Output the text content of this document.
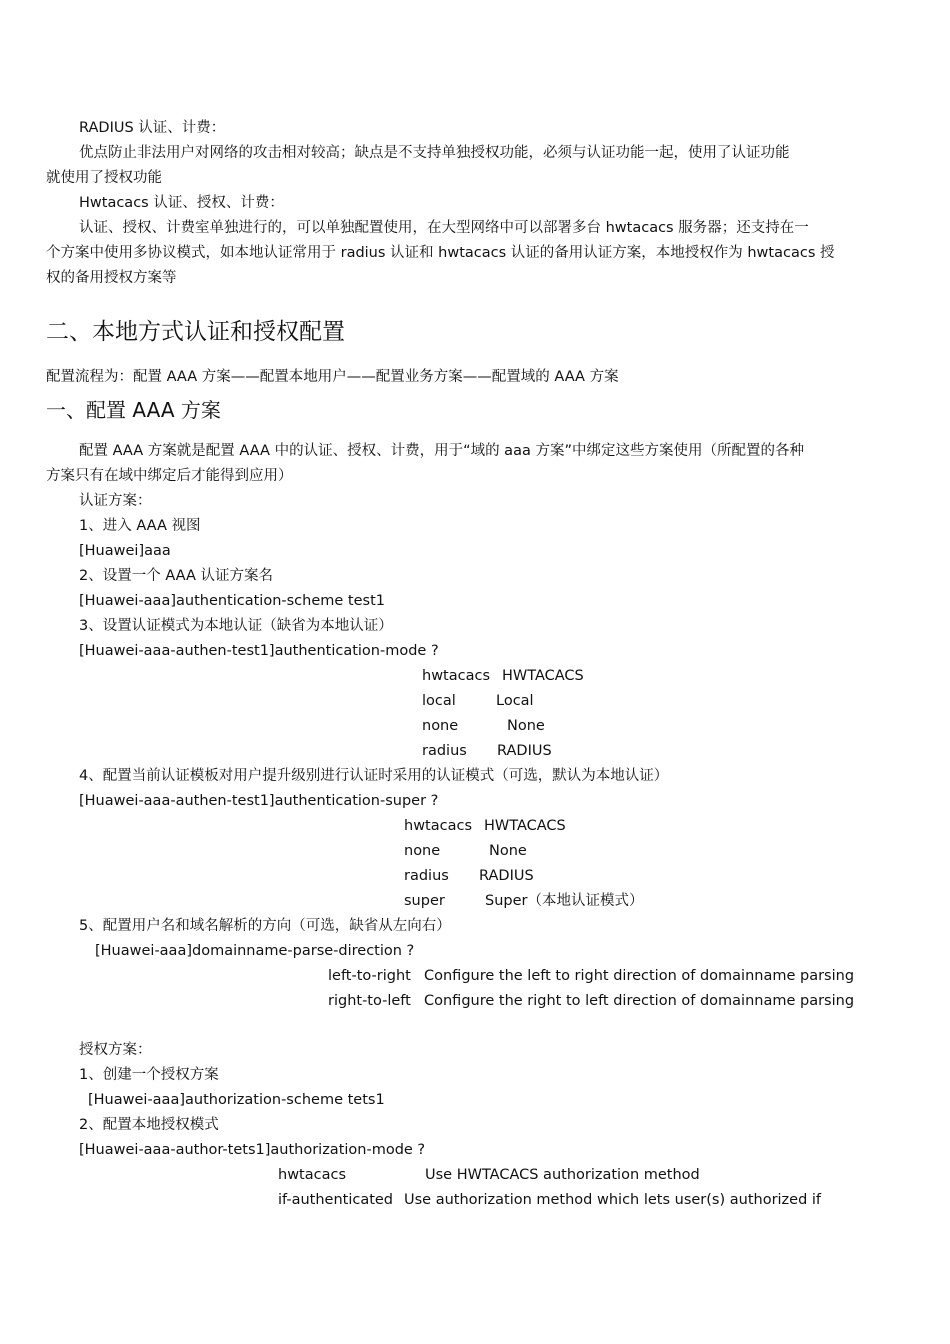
RADIUS 认证、计费：
优点防止非法用户对网络的攻击相对较高；缺点是不支持单独授权功能，必须与认证功能一起，使用了认证功能
就使用了授权功能
Hwtacacs 认证、授权、计费：
认证、授权、计费室单独进行的，可以单独配置使用，在大型网络中可以部署多台 hwtacacs 服务器；还支持在一
个方案中使用多协议模式，如本地认证常用于 radius 认证和 hwtacacs 认证的备用认证方案，本地授权作为 hwtacacs 授
权的备用授权方案等
二、本地方式认证和授权配置
配置流程为：配置 AAA 方案——配置本地用户——配置业务方案——配置域的 AAA 方案
一、配置 AAA 方案
配置 AAA 方案就是配置 AAA 中的认证、授权、计费，用于“域的 aaa 方案”中绑定这些方案使用（所配置的各种
方案只有在域中绑定后才能得到应用）
认证方案：
1、进入 AAA 视图
[Huawei]aaa
2、设置一个 AAA 认证方案名
[Huawei-aaa]authentication-scheme test1
3、设置认证模式为本地认证（缺省为本地认证）
[Huawei-aaa-authen-test1]authentication-mode ?
hwtacacs HWTACACS
local	Local
none	None
radius RADIUS
4、配置当前认证模板对用户提升级别进行认证时采用的认证模式（可选，默认为本地认证）
[Huawei-aaa-authen-test1]authentication-super ?
hwtacacs HWTACACS
none	None
radius RADIUS
super	Super（本地认证模式）
5、配置用户名和域名解析的方向（可选，缺省从左向右）
[Huawei-aaa]domainname-parse-direction ?
left-to-right Configure the left to right direction of domainname parsing
right-to-left Configure the right to left direction of domainname parsing
授权方案：
1、创建一个授权方案
[Huawei-aaa]authorization-scheme tets1
2、配置本地授权模式
[Huawei-aaa-author-tets1]authorization-mode ?
hwtacacs	Use HWTACACS authorization method
if-authenticated Use authorization method which lets user(s) authorized if
